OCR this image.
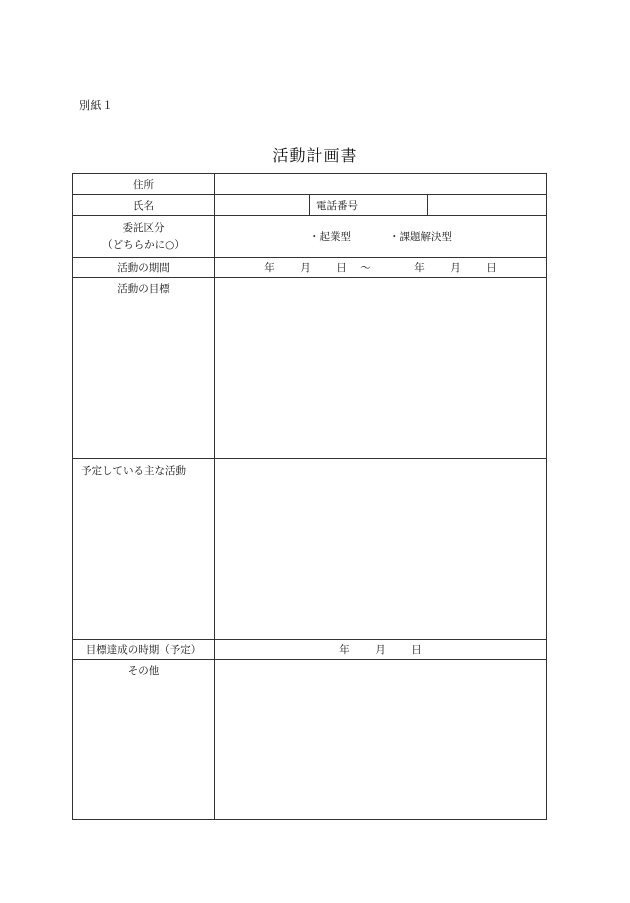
別紙１
活動計画書
住所			
氏名		電話番号	

委託区分
（どちらかに○）	・起業型 ・課題解決型		
活動の期間	年 月 日 ～ 年 月 日		
活動の目標			
予定している主な活動			
目標達成の時期（予定）	年 月 日		
その他			
